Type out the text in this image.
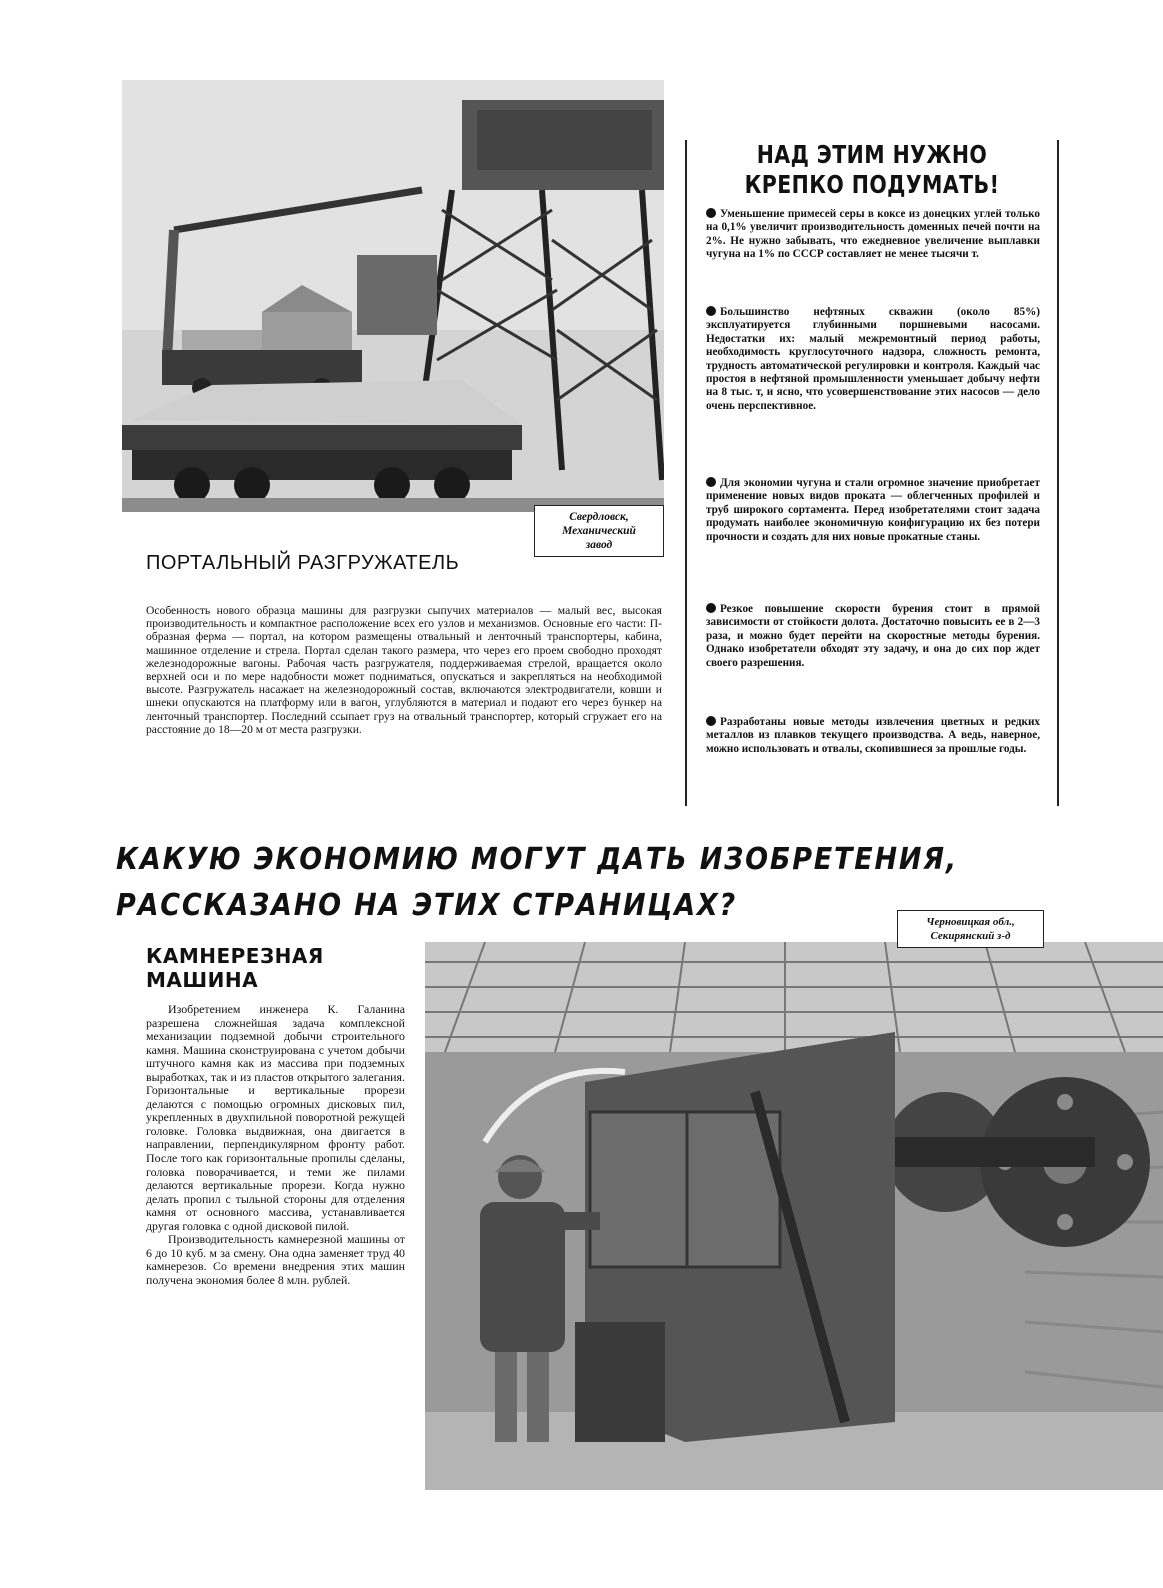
Свердловск,
Механический
завод
ПОРТАЛЬНЫЙ РАЗГРУЖАТЕЛЬ
Особенность нового образца машины для разгрузки сыпучих материалов — малый вес, высокая производительность и компактное расположение всех его узлов и механизмов. Основные его части: П-образная ферма — портал, на котором размещены отвальный и ленточный транспортеры, кабина, машинное отделение и стрела. Портал сделан такого размера, что через его проем свободно проходят железнодорожные вагоны. Рабочая часть разгружателя, поддерживаемая стрелой, вращается около верхней оси и по мере надобности может подниматься, опускаться и закрепляться на необходимой высоте. Разгружатель насажает на железнодорожный состав, включаются электродвигатели, ковши и шнеки опускаются на платформу или в вагон, углубляются в материал и подают его через бункер на ленточный транспортер. Последний ссыпает груз на отвальный транспортер, который сгружает его на расстояние до 18—20 м от места разгрузки.
НАД ЭТИМ НУЖНО
КРЕПКО ПОДУМАТЬ!
Уменьшение примесей серы в коксе из донецких углей только на 0,1% увеличит производительность доменных печей почти на 2%. Не нужно забывать, что ежедневное увеличение выплавки чугуна на 1% по СССР составляет не менее тысячи т.
Большинство нефтяных скважин (около 85%) эксплуатируется глубинными поршневыми насосами. Недостатки их: малый межремонтный период работы, необходимость круглосуточного надзора, сложность ремонта, трудность автоматической регулировки и контроля. Каждый час простоя в нефтяной промышленности уменьшает добычу нефти на 8 тыс. т, и ясно, что усовершенствование этих насосов — дело очень перспективное.
Для экономии чугуна и стали огромное значение приобретает применение новых видов проката — облегченных профилей и труб широкого сортамента. Перед изобретателями стоит задача продумать наиболее экономичную конфигурацию их без потери прочности и создать для них новые прокатные станы.
Резкое повышение скорости бурения стоит в прямой зависимости от стойкости долота. Достаточно повысить ее в 2—3 раза, и можно будет перейти на скоростные методы бурения. Однако изобретатели обходят эту задачу, и она до сих пор ждет своего разрешения.
Разработаны новые методы извлечения цветных и редких металлов из плавков текущего производства. А ведь, наверное, можно использовать и отвалы, скопившиеся за прошлые годы.
КАКУЮ ЭКОНОМИЮ МОГУТ ДАТЬ ИЗОБРЕТЕНИЯ,
РАССКАЗАНО НА ЭТИХ СТРАНИЦАХ?
КАМНЕРЕЗНАЯ
МАШИНА
Изобретением инженера К. Галанина разрешена сложнейшая задача комплексной механизации подземной добычи строительного камня. Машина сконструирована с учетом добычи штучного камня как из массива при подземных выработках, так и из пластов открытого залегания. Горизонтальные и вертикальные прорези делаются с помощью огромных дисковых пил, укрепленных в двухпильной поворотной режущей головке. Головка выдвижная, она двигается в направлении, перпендикулярном фронту работ. После того как горизонтальные пропилы сделаны, головка поворачивается, и теми же пилами делаются вертикальные прорези. Когда нужно делать пропил с тыльной стороны для отделения камня от основного массива, устанавливается другая головка с одной дисковой пилой.
Производительность камнерезной машины от 6 до 10 куб. м за смену. Она одна заменяет труд 40 камнерезов. Со времени внедрения этих машин получена экономия более 8 млн. рублей.
Черновицкая обл.,
Секирянский з-д
